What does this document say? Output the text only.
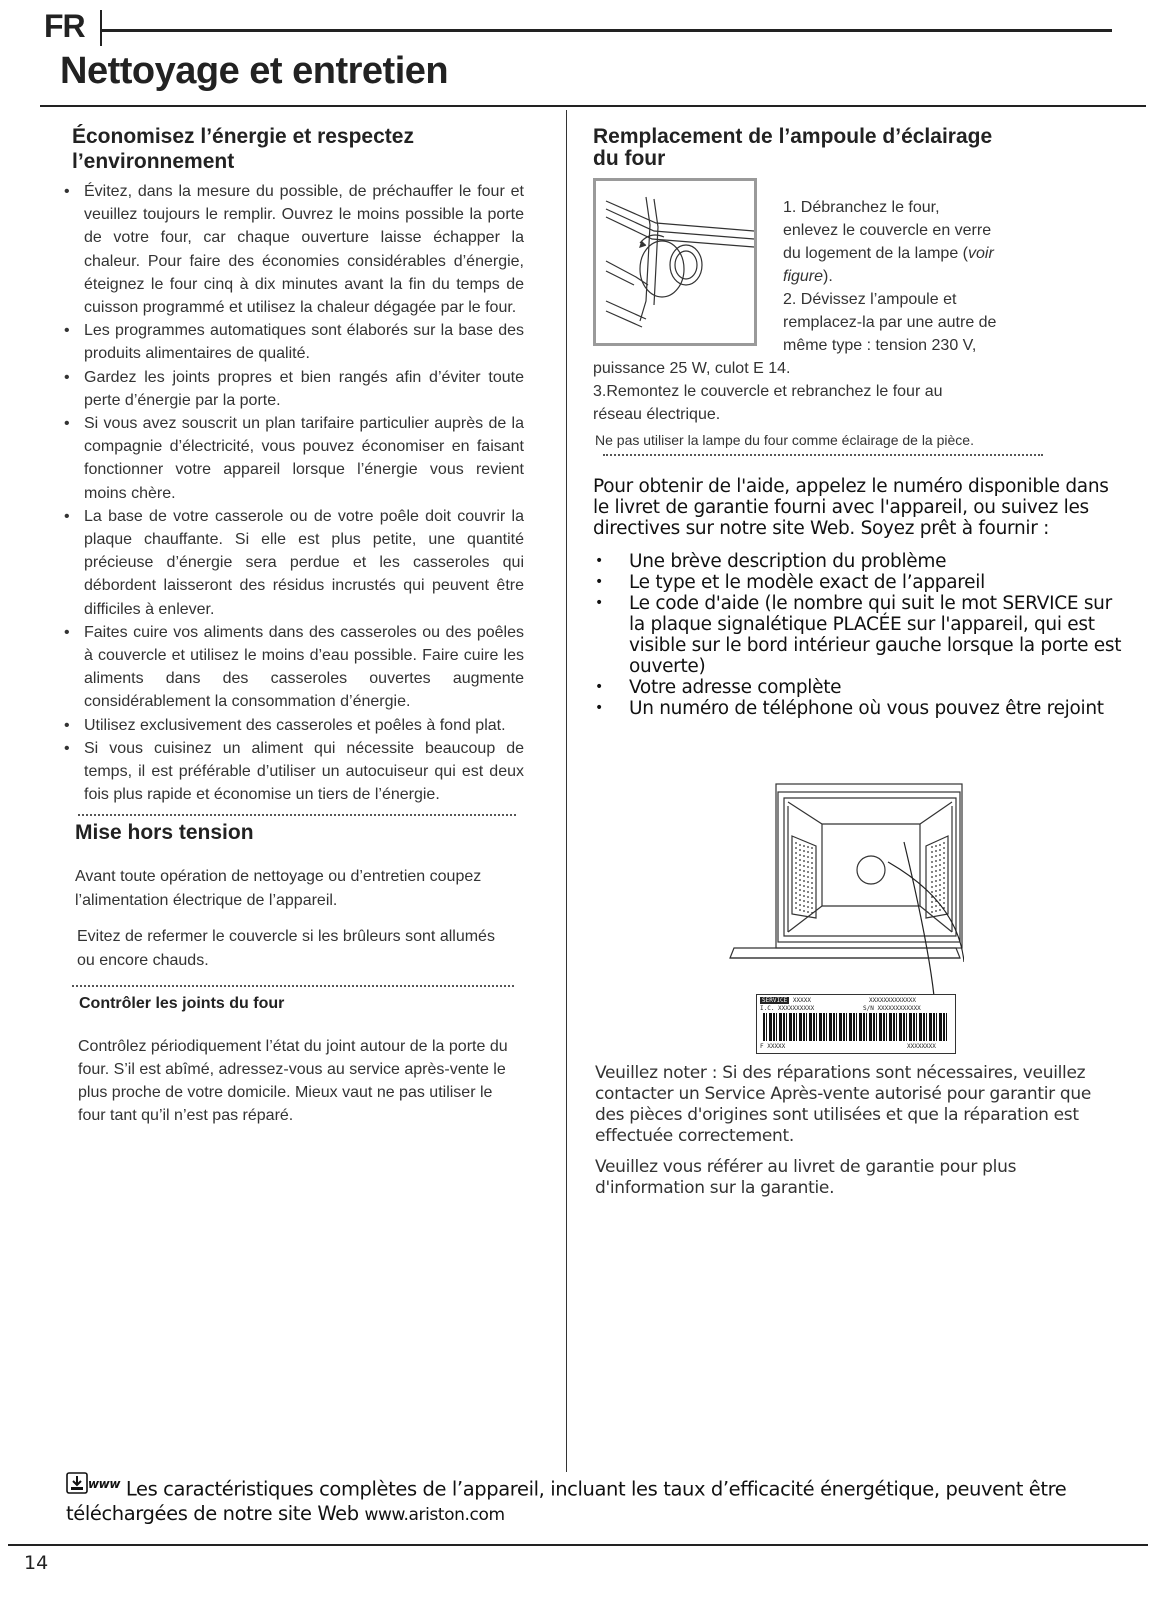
FR
Nettoyage et entretien
Économisez l’énergie et respectez
l’environnement
• Évitez, dans la mesure du possible, de préchauffer le four et veuillez toujours le remplir. Ouvrez le moins possible la porte de votre four, car chaque ouverture laisse échapper la chaleur. Pour faire des économies considérables d’énergie, éteignez le four cinq à dix minutes avant la fin du temps de cuisson programmé et utilisez la chaleur dégagée par le four.
• Les programmes automatiques sont élaborés sur la base des produits alimentaires de qualité.
• Gardez les joints propres et bien rangés afin d’éviter toute perte d’énergie par la porte.
• Si vous avez souscrit un plan tarifaire particulier auprès de la compagnie d’électricité, vous pouvez économiser en faisant fonctionner votre appareil lorsque l’énergie vous revient moins chère.
• La base de votre casserole ou de votre poêle doit couvrir la plaque chauffante. Si elle est plus petite, une quantité précieuse d’énergie sera perdue et les casseroles qui débordent laisseront des résidus incrustés qui peuvent être difficiles à enlever.
• Faites cuire vos aliments dans des casseroles ou des poêles à couvercle et utilisez le moins d’eau possible. Faire cuire les aliments dans des casseroles ouvertes augmente considérablement la consommation d’énergie.
• Utilisez exclusivement des casseroles et poêles à fond plat.
• Si vous cuisinez un aliment qui nécessite beaucoup de temps, il est préférable d’utiliser un autocuiseur qui est deux fois plus rapide et économise un tiers de l’énergie.
Mise hors tension

Avant toute opération de nettoyage ou d’entretien coupez l’alimentation électrique de l’appareil.

Evitez de refermer le couvercle si les brûleurs sont allumés ou encore chauds.

Contrôler les joints du four

Contrôlez périodiquement l’état du joint autour de la porte du four. S’il est abîmé, adressez-vous au service après-vente le plus proche de votre domicile. Mieux vaut ne pas utiliser le four tant qu’il n’est pas réparé.

Remplacement de l’ampoule d’éclairage
du four
1. Débranchez le four,
enlevez le couvercle en verre
du logement de la lampe (voir
figure).
2. Dévissez l’ampoule et
remplacez-la par une autre de
même type : tension 230 V,
puissance 25 W, culot E 14.
3.Remontez le couvercle et rebranchez le four au
réseau électrique.
Ne pas utiliser la lampe du four comme éclairage de la pièce.

Pour obtenir de l'aide, appelez le numéro disponible dans le livret de garantie fourni avec l'appareil, ou suivez les directives sur notre site Web. Soyez prêt à fournir :

• Une brève description du problème
• Le type et le modèle exact de l’appareil
• Le code d'aide (le nombre qui suit le mot SERVICE sur la plaque signalétique PLACÉE sur l'appareil, qui est visible sur le bord intérieur gauche lorsque la porte est ouverte)
• Votre adresse complète
• Un numéro de téléphone où vous pouvez être rejoint
SERVICE XXXXX	XXXXXXXXXXXXX
I.C. XXXXXXXXXX	S/N XXXXXXXXXXXX
F XXXXX	XXXXXXXX

Veuillez noter : Si des réparations sont nécessaires, veuillez contacter un Service Après-vente autorisé pour garantir que des pièces d'origines sont utilisées et que la réparation est effectuée correctement.

Veuillez vous référer au livret de garantie pour plus d'information sur la garantie.

$^{www}$ Les caractéristiques complètes de l’appareil, incluant les taux d’efficacité énergétique, peuvent être téléchargées de notre site Web www.ariston.com
14
